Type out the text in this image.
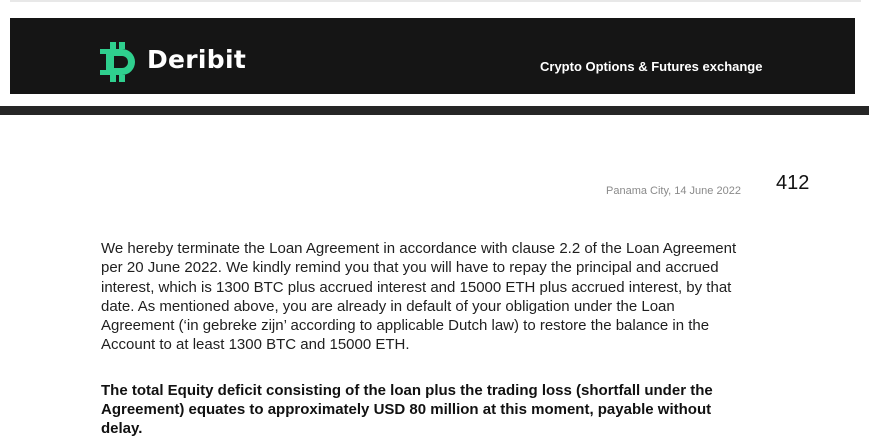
Deribit	Crypto Options & Futures exchange
Panama City, 14 June 2022 412
We hereby terminate the Loan Agreement in accordance with clause 2.2 of the Loan Agreement
per 20 June 2022. We kindly remind you that you will have to repay the principal and accrued
interest, which is 1300 BTC plus accrued interest and 15000 ETH plus accrued interest, by that
date. As mentioned above, you are already in default of your obligation under the Loan
Agreement (‘in gebreke zijn’ according to applicable Dutch law) to restore the balance in the
Account to at least 1300 BTC and 15000 ETH.
The total Equity deficit consisting of the loan plus the trading loss (shortfall under the
Agreement) equates to approximately USD 80 million at this moment, payable without
delay.
